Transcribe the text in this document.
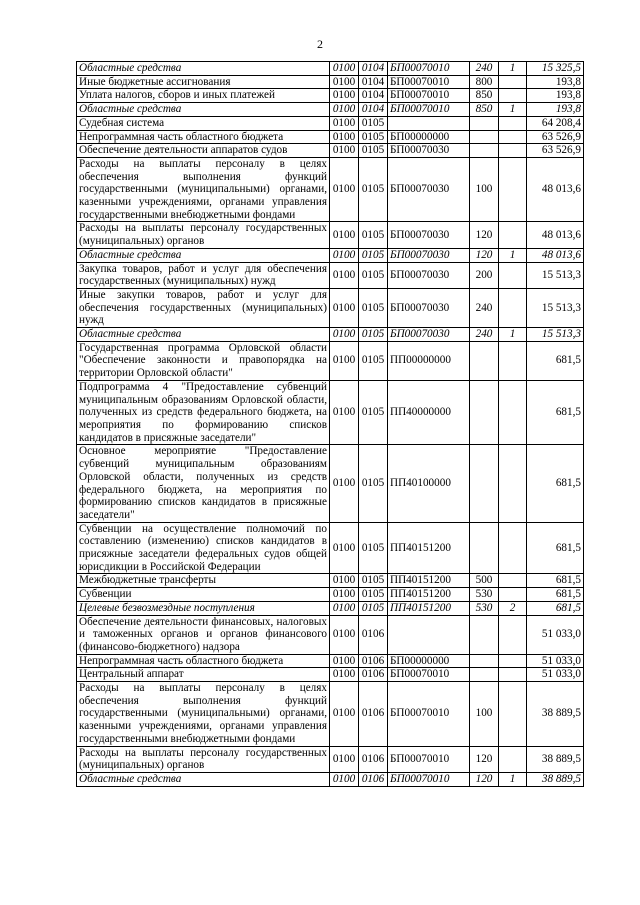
2
Областные средства	0100	0104	БП00070010	240	1	15 325,5
Иные бюджетные ассигнования	0100	0104	БП00070010	800		193,8
Уплата налогов, сборов и иных платежей	0100	0104	БП00070010	850		193,8
Областные средства	0100	0104	БП00070010	850	1	193,8
Судебная система	0100	0105				64 208,4
Непрограммная часть областного бюджета	0100	0105	БП00000000			63 526,9
Обеспечение деятельности аппаратов судов	0100	0105	БП00070030			63 526,9
Расходы на выплаты персоналу в целях обеспечения выполнения функций государственными (муниципальными) органами, казенными учреждениями, органами управления государственными внебюджетными фондами	0100	0105	БП00070030	100		48 013,6
Расходы на выплаты персоналу государственных (муниципальных) органов	0100	0105	БП00070030	120		48 013,6
Областные средства	0100	0105	БП00070030	120	1	48 013,6
Закупка товаров, работ и услуг для обеспечения государственных (муниципальных) нужд	0100	0105	БП00070030	200		15 513,3
Иные закупки товаров, работ и услуг для обеспечения государственных (муниципальных) нужд	0100	0105	БП00070030	240		15 513,3
Областные средства	0100	0105	БП00070030	240	1	15 513,3
Государственная программа Орловской области "Обеспечение законности и правопорядка на территории Орловской области"	0100	0105	ПП00000000			681,5
Подпрограмма 4 "Предоставление субвенций муниципальным образованиям Орловской области, полученных из средств федерального бюджета, на мероприятия по формированию списков кандидатов в присяжные заседатели"	0100	0105	ПП40000000			681,5
Основное мероприятие "Предоставление субвенций муниципальным образованиям Орловской области, полученных из средств федерального бюджета, на мероприятия по формированию списков кандидатов в присяжные заседатели"	0100	0105	ПП40100000			681,5
Субвенции на осуществление полномочий по составлению (изменению) списков кандидатов в присяжные заседатели федеральных судов общей юрисдикции в Российской Федерации	0100	0105	ПП40151200			681,5
Межбюджетные трансферты	0100	0105	ПП40151200	500		681,5
Субвенции	0100	0105	ПП40151200	530		681,5
Целевые безвозмездные поступления	0100	0105	ПП40151200	530	2	681,5
Обеспечение деятельности финансовых, налоговых и таможенных органов и органов финансового (финансово-бюджетного) надзора	0100	0106				51 033,0
Непрограммная часть областного бюджета	0100	0106	БП00000000			51 033,0
Центральный аппарат	0100	0106	БП00070010			51 033,0
Расходы на выплаты персоналу в целях обеспечения выполнения функций государственными (муниципальными) органами, казенными учреждениями, органами управления государственными внебюджетными фондами	0100	0106	БП00070010	100		38 889,5
Расходы на выплаты персоналу государственных (муниципальных) органов	0100	0106	БП00070010	120		38 889,5
Областные средства	0100	0106	БП00070010	120	1	38 889,5
